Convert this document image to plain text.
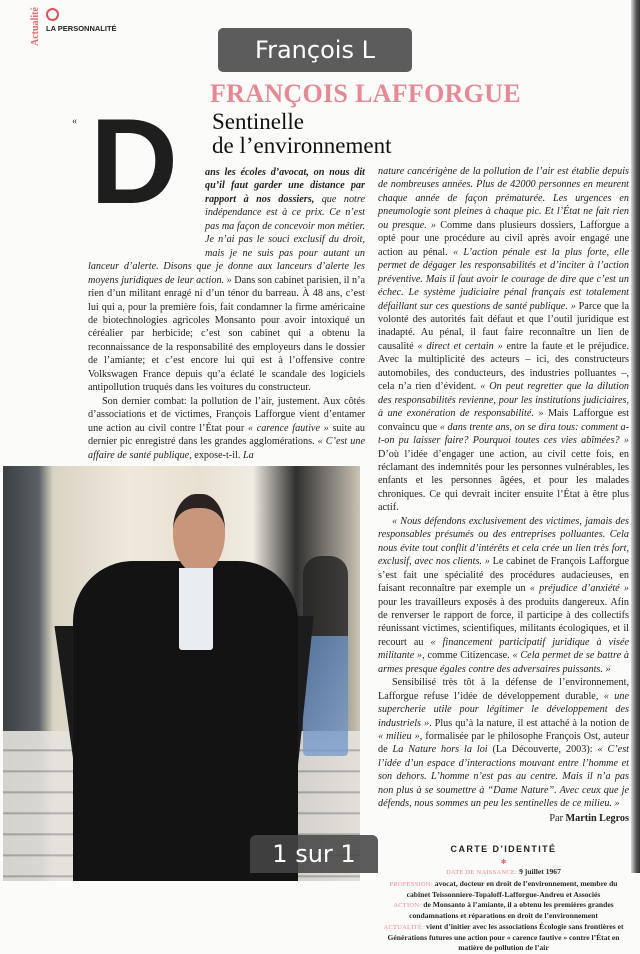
Actualité LA PERSONNALITÉ
FRANÇOIS LAFFORGUE
Sentinelle
de l’environnement
« D	ans les écoles d’avocat, on nous dit qu’il faut garder une distance par rapport à nos dossiers, que notre indépendance est à ce prix. Ce n’est pas ma façon de concevoir mon métier. Je n’ai pas le souci exclusif du droit, mais je ne suis pas pour autant un lanceur d’alerte. Disons que je donne aux lanceurs d’alerte les moyens juridiques de leur action. » Dans son cabinet parisien, il n’a rien d’un militant enragé ni d’un ténor du barreau. À 48 ans, c’est lui qui a, pour la première fois, fait condamner la firme américaine de biotechnologies agricoles Monsanto pour avoir intoxiqué un céréalier par herbicide; c’est son cabinet qui a obtenu la reconnaissance de la responsabilité des employeurs dans le dossier de l’amiante; et c’est encore lui qui est à l’offensive contre Volkswagen France depuis qu’a éclaté le scandale des logiciels antipollution truqués dans les voitures du constructeur.

Son dernier combat: la pollution de l’air, justement. Aux côtés d’associations et de victimes, François Lafforgue vient d’entamer une action au civil contre l’État pour « carence fautive » suite au dernier pic enregistré dans les grandes agglomérations. « C’est une affaire de santé publique, expose-t-il. La

nature cancérigène de la pollution de l’air est établie depuis de nombreuses années. Plus de 42000 personnes en meurent chaque année de façon prématurée. Les urgences en pneumologie sont pleines à chaque pic. Et l’État ne fait rien ou presque. » Comme dans plusieurs dossiers, Lafforgue a opté pour une procédure au civil après avoir engagé une action au pénal. « L’action pénale est la plus forte, elle permet de dégager les responsabilités et d’inciter à l’action préventive. Mais il faut avoir le courage de dire que c’est un échec. Le système judiciaire pénal français est totalement défaillant sur ces questions de santé publique. » Parce que la volonté des autorités fait défaut et que l’outil juridique est inadapté. Au pénal, il faut faire reconnaître un lien de causalité « direct et certain » entre la faute et le préjudice. Avec la multiplicité des acteurs – ici, des constructeurs automobiles, des conducteurs, des industries polluantes –, cela n’a rien d’évident. « On peut regretter que la dilution des responsabilités revienne, pour les institutions judiciaires, à une exonération de responsabilité. » Mais Lafforgue est convaincu que « dans trente ans, on se dira tous: comment a-t-on pu laisser faire? Pourquoi toutes ces vies abîmées? » D’où l’idée d’engager une action, au civil cette fois, en réclamant des indemnités pour les personnes vulnérables, les enfants et les personnes âgées, et pour les malades chroniques. Ce qui devrait inciter ensuite l’État à être plus actif.

« Nous défendons exclusivement des victimes, jamais des responsables présumés ou des entreprises polluantes. Cela nous évite tout conflit d’intérêts et cela crée un lien très fort, exclusif, avec nos clients. » Le cabinet de François Lafforgue s’est fait une spécialité des procédures audacieuses, en faisant reconnaître par exemple un « préjudice d’anxiété » pour les travailleurs exposés à des produits dangereux. Afin de renverser le rapport de force, il participe à des collectifs réunissant victimes, scientifiques, militants écologiques, et il recourt au « financement participatif juridique à visée militante », comme Citizencase. « Cela permet de se battre à armes presque égales contre des adversaires puissants. »

Sensibilisé très tôt à la défense de l’environnement, Lafforgue refuse l’idée de développement durable, « une supercherie utile pour légitimer le développement des industriels ». Plus qu’à la nature, il est attaché à la notion de « milieu », formalisée par le philosophe François Ost, auteur de La Nature hors la loi (La Découverte, 2003): « C’est l’idée d’un espace d’interactions mouvant entre l’homme et son dehors. L’homme n’est pas au centre. Mais il n’a pas non plus à se soumettre à “Dame Nature”. Avec ceux que je défends, nous sommes un peu les sentinelles de ce milieu. »

Par Martin Legros
CARTE D’IDENTITÉ
✱
DATE DE NAISSANCE: 9 juillet 1967
PROFESSION: avocat, docteur en droit de l’environnement, membre du cabinet Teissonniere-Topaloff-Lafforgue-Andreu et Associés
ACTION: de Monsanto à l’amiante, il a obtenu les premières grandes condamnations et réparations en droit de l’environnement
ACTUALITÉ: vient d’initier avec les associations Écologie sans frontières et Générations futures une action pour « carence fautive » contre l’État en matière de pollution de l’air
François L
1 sur 1
